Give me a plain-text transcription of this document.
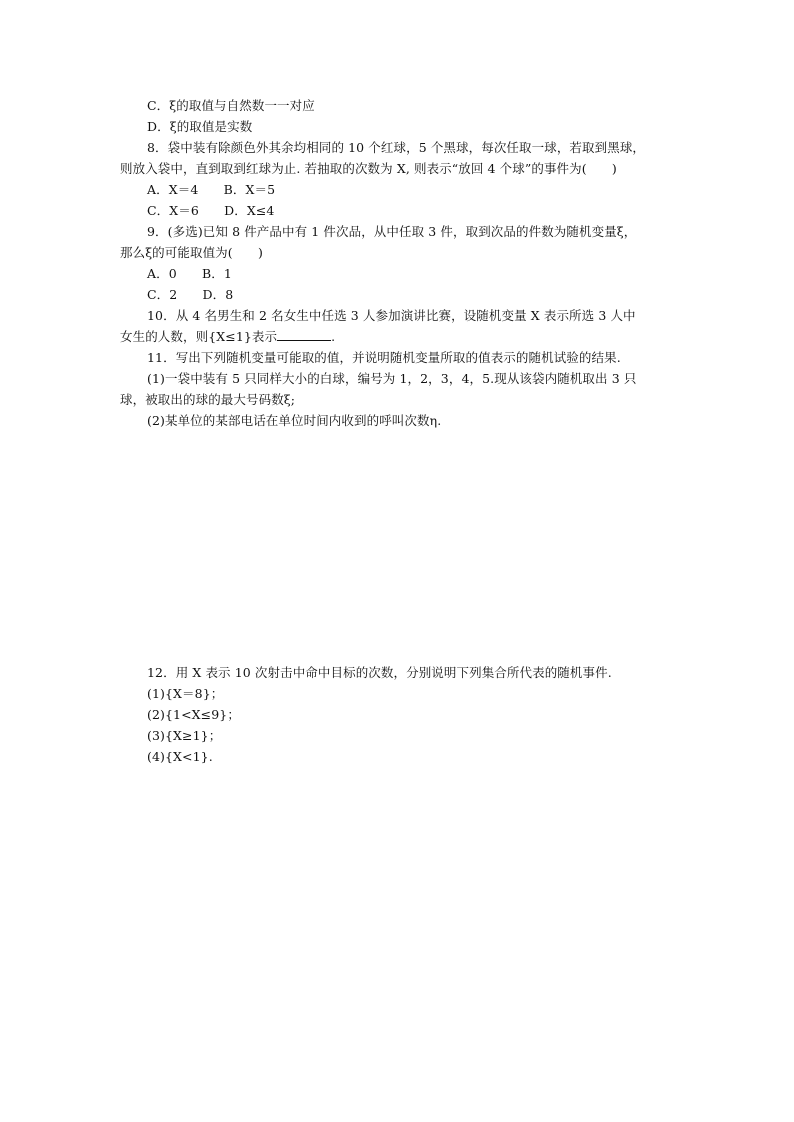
C．ξ的取值与自然数一一对应
D．ξ的取值是实数
8．袋中装有除颜色外其余均相同的 10 个红球，5 个黑球，每次任取一球，若取到黑球，
则放入袋中，直到取到红球为止. 若抽取的次数为 X, 则表示“放回 4 个球”的事件为(　　)
A．X＝4　　B．X＝5
C．X＝6　　D．X≤4
9．(多选)已知 8 件产品中有 1 件次品，从中任取 3 件，取到次品的件数为随机变量ξ，
那么ξ的可能取值为(　　)
A．0　　B．1
C．2　　D．8
10．从 4 名男生和 2 名女生中任选 3 人参加演讲比赛，设随机变量 X 表示所选 3 人中
女生的人数，则{X≤1}表示	.
11．写出下列随机变量可能取的值，并说明随机变量所取的值表示的随机试验的结果.
(1)一袋中装有 5 只同样大小的白球，编号为 1，2，3，4，5.现从该袋内随机取出 3 只
球，被取出的球的最大号码数ξ;
(2)某单位的某部电话在单位时间内收到的呼叫次数η.
12．用 X 表示 10 次射击中命中目标的次数，分别说明下列集合所代表的随机事件.
(1){X＝8}；
(2){1<X≤9}；
(3){X≥1}；
(4){X<1}.
